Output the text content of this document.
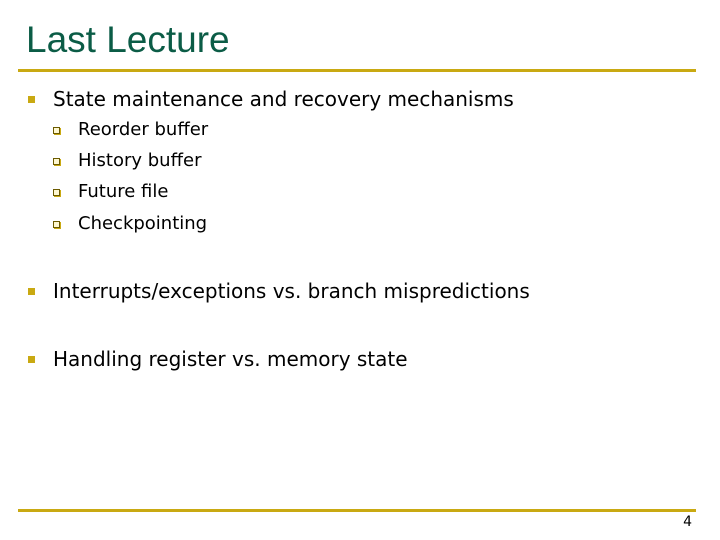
Last Lecture
State maintenance and recovery mechanisms
Reorder buffer
History buffer
Future file
Checkpointing
Interrupts/exceptions vs. branch mispredictions
Handling register vs. memory state
4
